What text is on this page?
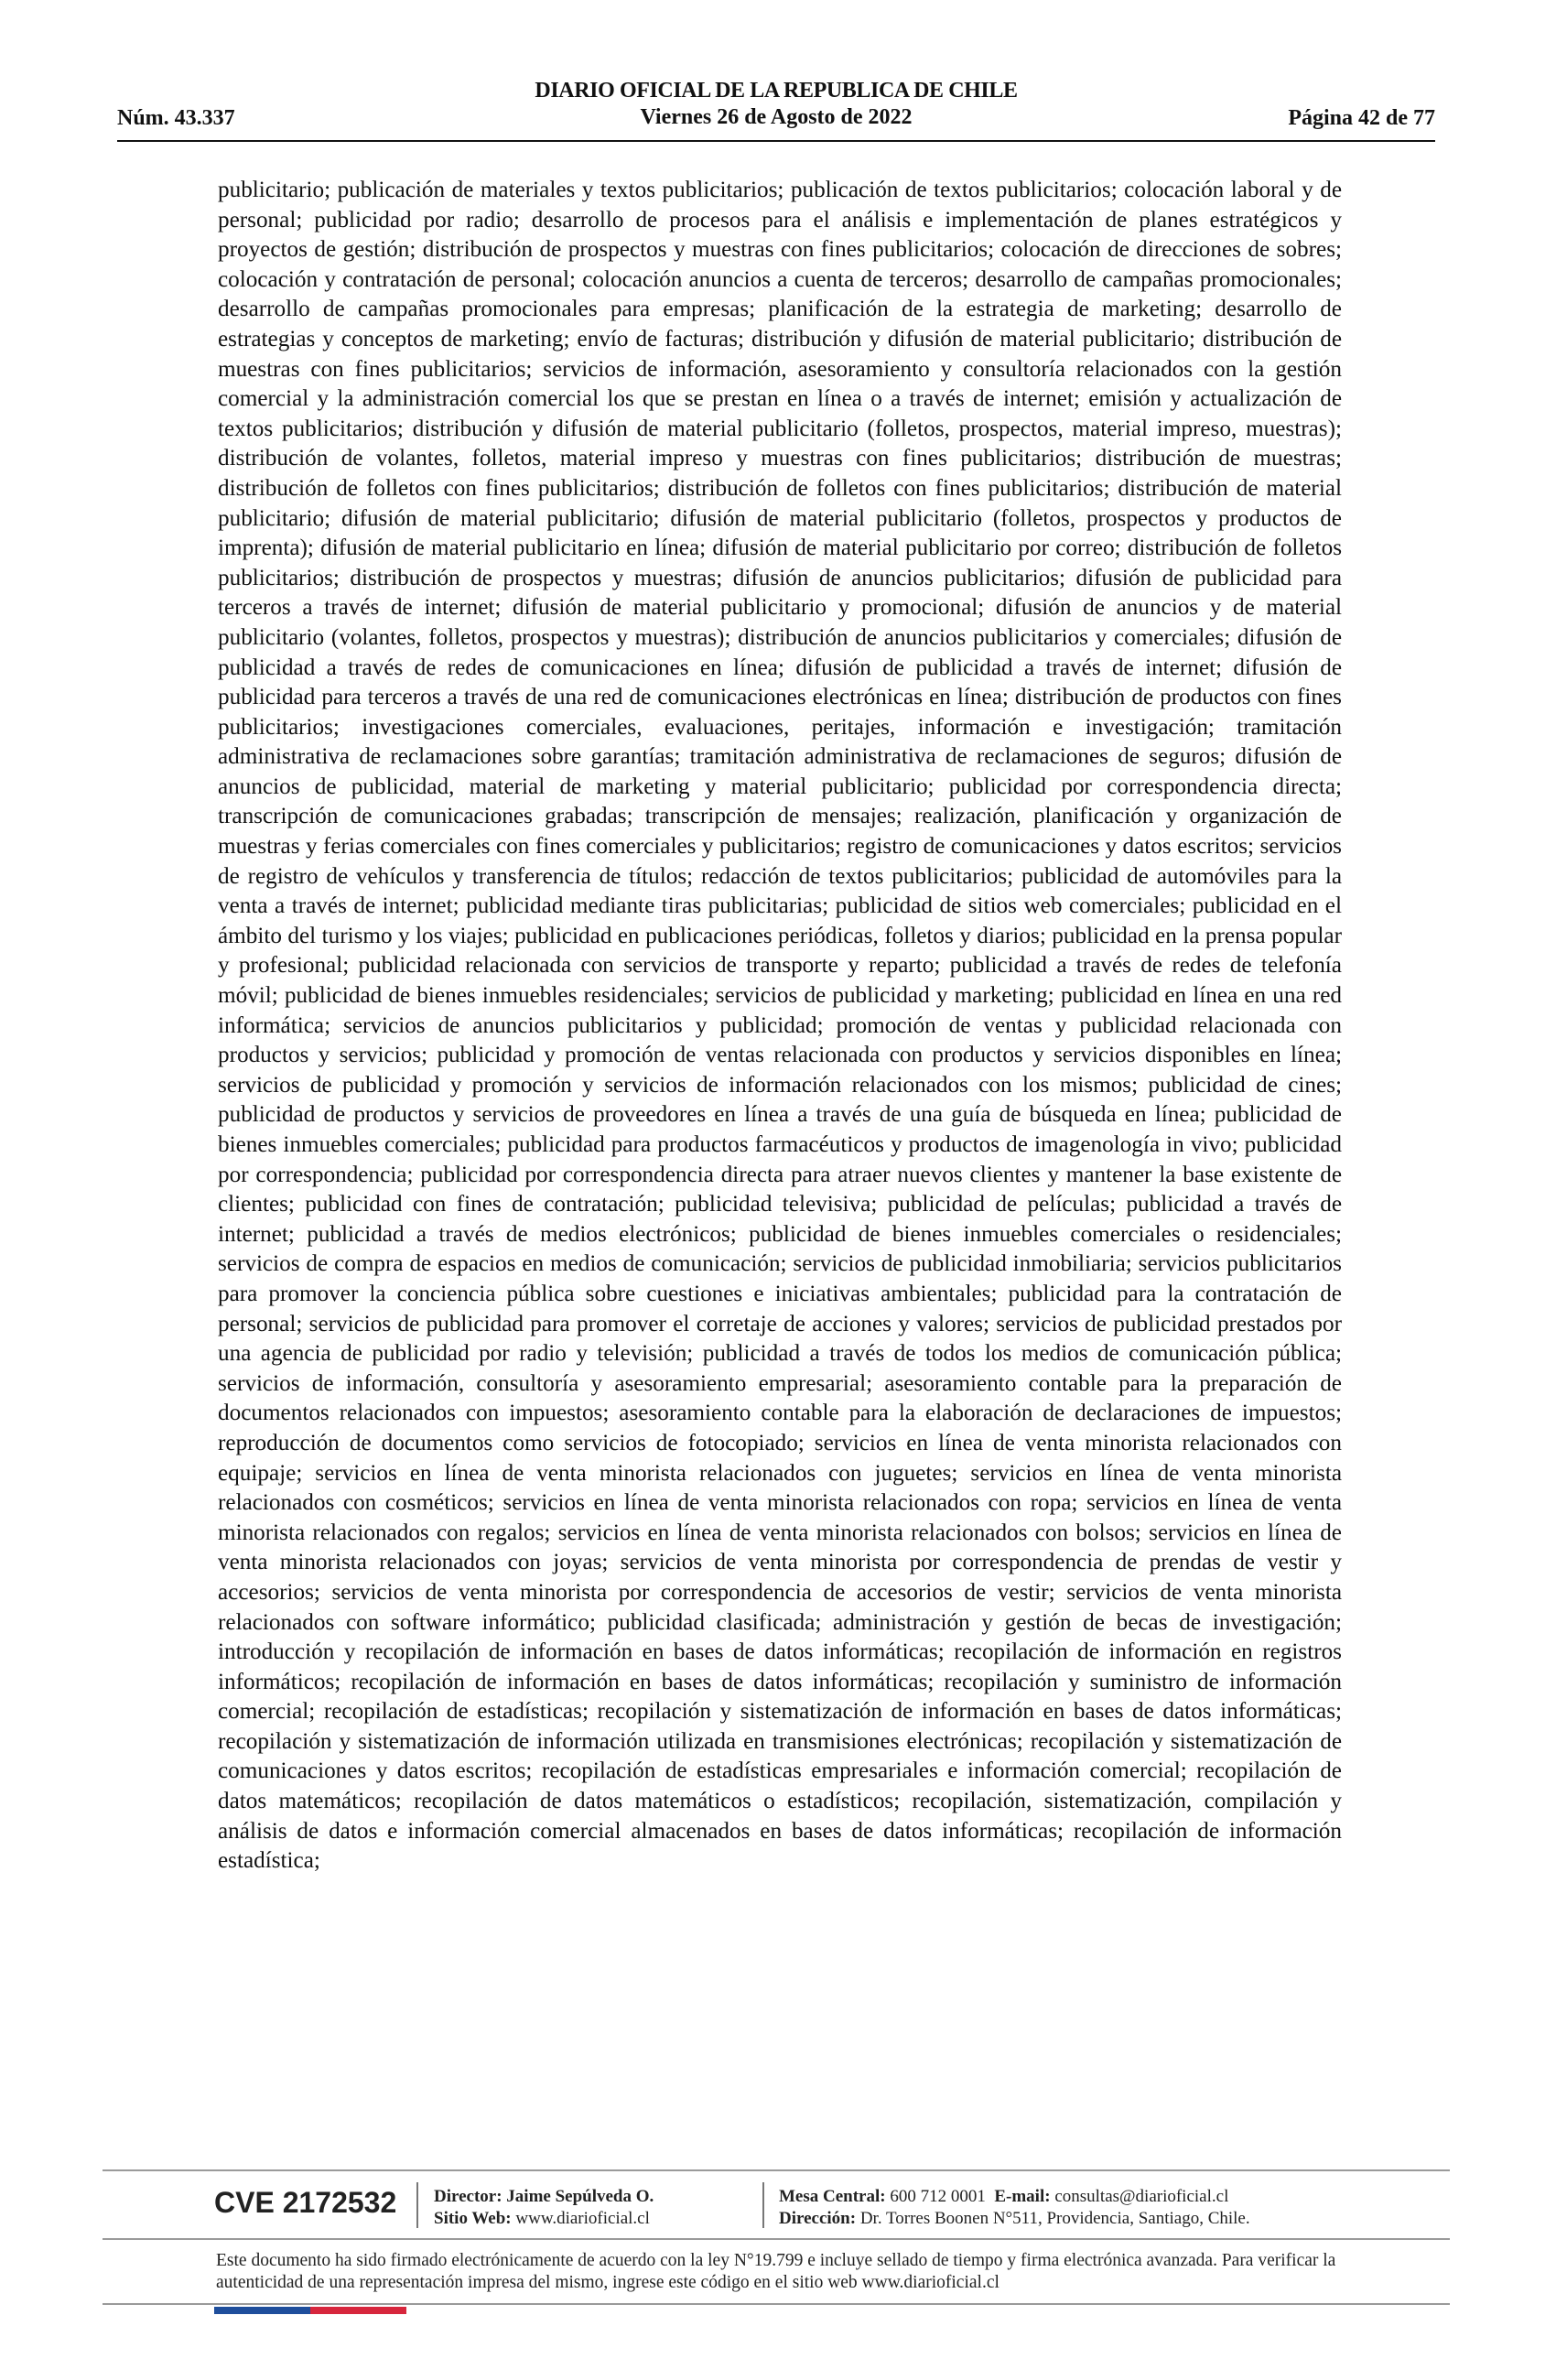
Núm. 43.337
DIARIO OFICIAL DE LA REPUBLICA DE CHILE
Viernes 26 de Agosto de 2022	Página 42 de 77
publicitario; publicación de materiales y textos publicitarios; publicación de textos publicitarios; colocación laboral y de personal; publicidad por radio; desarrollo de procesos para el análisis e implementación de planes estratégicos y proyectos de gestión; distribución de prospectos y muestras con fines publicitarios; colocación de direcciones de sobres; colocación y contratación de personal; colocación anuncios a cuenta de terceros; desarrollo de campañas promocionales; desarrollo de campañas promocionales para empresas; planificación de la estrategia de marketing; desarrollo de estrategias y conceptos de marketing; envío de facturas; distribución y difusión de material publicitario; distribución de muestras con fines publicitarios; servicios de información, asesoramiento y consultoría relacionados con la gestión comercial y la administración comercial los que se prestan en línea o a través de internet; emisión y actualización de textos publicitarios; distribución y difusión de material publicitario (folletos, prospectos, material impreso, muestras); distribución de volantes, folletos, material impreso y muestras con fines publicitarios; distribución de muestras; distribución de folletos con fines publicitarios; distribución de folletos con fines publicitarios; distribución de material publicitario; difusión de material publicitario; difusión de material publicitario (folletos, prospectos y productos de imprenta); difusión de material publicitario en línea; difusión de material publicitario por correo; distribución de folletos publicitarios; distribución de prospectos y muestras; difusión de anuncios publicitarios; difusión de publicidad para terceros a través de internet; difusión de material publicitario y promocional; difusión de anuncios y de material publicitario (volantes, folletos, prospectos y muestras); distribución de anuncios publicitarios y comerciales; difusión de publicidad a través de redes de comunicaciones en línea; difusión de publicidad a través de internet; difusión de publicidad para terceros a través de una red de comunicaciones electrónicas en línea; distribución de productos con fines publicitarios; investigaciones comerciales, evaluaciones, peritajes, información e investigación; tramitación administrativa de reclamaciones sobre garantías; tramitación administrativa de reclamaciones de seguros; difusión de anuncios de publicidad, material de marketing y material publicitario; publicidad por correspondencia directa; transcripción de comunicaciones grabadas; transcripción de mensajes; realización, planificación y organización de muestras y ferias comerciales con fines comerciales y publicitarios; registro de comunicaciones y datos escritos; servicios de registro de vehículos y transferencia de títulos; redacción de textos publicitarios; publicidad de automóviles para la venta a través de internet; publicidad mediante tiras publicitarias; publicidad de sitios web comerciales; publicidad en el ámbito del turismo y los viajes; publicidad en publicaciones periódicas, folletos y diarios; publicidad en la prensa popular y profesional; publicidad relacionada con servicios de transporte y reparto; publicidad a través de redes de telefonía móvil; publicidad de bienes inmuebles residenciales; servicios de publicidad y marketing; publicidad en línea en una red informática; servicios de anuncios publicitarios y publicidad; promoción de ventas y publicidad relacionada con productos y servicios; publicidad y promoción de ventas relacionada con productos y servicios disponibles en línea; servicios de publicidad y promoción y servicios de información relacionados con los mismos; publicidad de cines; publicidad de productos y servicios de proveedores en línea a través de una guía de búsqueda en línea; publicidad de bienes inmuebles comerciales; publicidad para productos farmacéuticos y productos de imagenología in vivo; publicidad por correspondencia; publicidad por correspondencia directa para atraer nuevos clientes y mantener la base existente de clientes; publicidad con fines de contratación; publicidad televisiva; publicidad de películas; publicidad a través de internet; publicidad a través de medios electrónicos; publicidad de bienes inmuebles comerciales o residenciales; servicios de compra de espacios en medios de comunicación; servicios de publicidad inmobiliaria; servicios publicitarios para promover la conciencia pública sobre cuestiones e iniciativas ambientales; publicidad para la contratación de personal; servicios de publicidad para promover el corretaje de acciones y valores; servicios de publicidad prestados por una agencia de publicidad por radio y televisión; publicidad a través de todos los medios de comunicación pública; servicios de información, consultoría y asesoramiento empresarial; asesoramiento contable para la preparación de documentos relacionados con impuestos; asesoramiento contable para la elaboración de declaraciones de impuestos; reproducción de documentos como servicios de fotocopiado; servicios en línea de venta minorista relacionados con equipaje; servicios en línea de venta minorista relacionados con juguetes; servicios en línea de venta minorista relacionados con cosméticos; servicios en línea de venta minorista relacionados con ropa; servicios en línea de venta minorista relacionados con regalos; servicios en línea de venta minorista relacionados con bolsos; servicios en línea de venta minorista relacionados con joyas; servicios de venta minorista por correspondencia de prendas de vestir y accesorios; servicios de venta minorista por correspondencia de accesorios de vestir; servicios de venta minorista relacionados con software informático; publicidad clasificada; administración y gestión de becas de investigación; introducción y recopilación de información en bases de datos informáticas; recopilación de información en registros informáticos; recopilación de información en bases de datos informáticas; recopilación y suministro de información comercial; recopilación de estadísticas; recopilación y sistematización de información en bases de datos informáticas; recopilación y sistematización de información utilizada en transmisiones electrónicas; recopilación y sistematización de comunicaciones y datos escritos; recopilación de estadísticas empresariales e información comercial; recopilación de datos matemáticos; recopilación de datos matemáticos o estadísticos; recopilación, sistematización, compilación y análisis de datos e información comercial almacenados en bases de datos informáticas; recopilación de información estadística;
CVE 2172532 Director: Jaime Sepúlveda O.
Sitio Web: www.diarioficial.cl
Mesa Central: 600 712 0001 E-mail: consultas@diarioficial.cl
Dirección: Dr. Torres Boonen N°511, Providencia, Santiago, Chile.
Este documento ha sido firmado electrónicamente de acuerdo con la ley N°19.799 e incluye sellado de tiempo y firma electrónica avanzada. Para verificar la autenticidad de una representación impresa del mismo, ingrese este código en el sitio web www.diarioficial.cl
